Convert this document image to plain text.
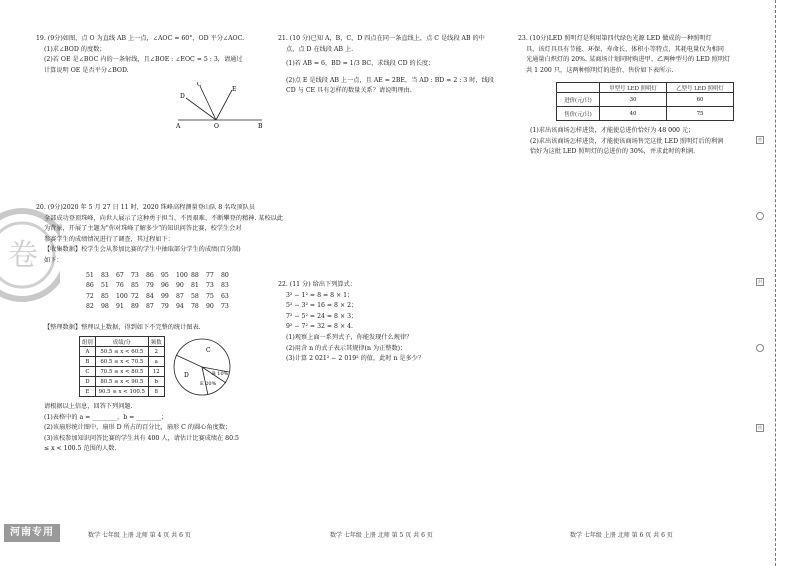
卷

19. (9分)如图，点 O 为直线 AB 上一点，∠AOC = 60°，OD 平分∠AOC.

(1)求∠BOD 的度数；

(2)若 OE 是∠BOC 内的一条射线，且∠BOE : ∠EOC = 5 : 3，请通过

计算说明 OE 是否平分∠BOD.

A	O	B
C
D
E

20. (9分)2020 年 5 月 27 日 11 时，2020 珠峰高程测量登山队 8 名攻顶队员

全部成功登顶珠峰，向世人展示了这种勇于担当、不畏艰难、不断攀登的精神. 某校以此

为背景，开展了主题为"你对珠峰了解多少"的知识问答比赛，校学生会对

参赛学生的成绩情况进行了调查，其过程如下：

【收集数据】校学生会从参加比赛的学生中抽取部分学生的成绩(百分制)

如下：

51 83 67 73 86 95 100 88 77 80
86 51 76 85 79 96 90 81 73 83
72 85 100 72 84 99 87 58 75 63
82 98 91 89 87 79 94 78 90 73

【整理数据】整理以上数据，得到如下不完整的统计图表.

组别	成绩/分	频数
A	50.5 ≤ x < 60.5	2
B	60.5 ≤ x < 70.5	a
C	70.5 ≤ x < 80.5	12
D	80.5 ≤ x < 90.5	b
E	90.5 ≤ x < 100.5	8
C
D	B 10%
E 20%

请根据以上信息，回答下列问题.

(1)表格中的 a = ________，b = ________；

(2)该扇形统计图中，扇形 D 所占的百分比，扇形 C 的圆心角度数；

(3)该校参加知识问答比赛的学生共有 400 人，请估计比赛成绩在 80.5

≤ x < 100.5 范围的人数.

21. (10 分)已知 A，B，C，D 四点在同一条直线上，点 C 是线段 AB 的中

点，点 D 在线段 AB 上.

(1)若 AB = 6，BD = 1/3 BC，求线段 CD 的长度；

(2)点 E 是线段 AB 上一点，且 AE = 2BE，当 AD : BD = 2 : 3 时，线段

CD 与 CE 具有怎样的数量关系？请说明理由.

22. (11 分) 给出下列算式：

3² − 1² = 8 = 8 × 1；

5² − 3² = 16 = 8 × 2；

7² − 5² = 24 = 8 × 3；

9² − 7² = 32 = 8 × 4.

(1)观察上面一系列式子，你能发现什么规律？

(2)用含 n 的式子表示其规律(n 为正整数)；

(3)计算 2 021² − 2 019² 的值，此时 n 是多少？

23. (10分)LED 照明灯是利用第四代绿色光源 LED 做成的一种照明灯

具，该灯具具有节能、环保、寿命长、体积小等特点，其耗电量仅为相同

光通量白炽灯的 20%. 某商场计划同时购进甲、乙两种型号的 LED 照明灯

共 1 200 只，这两种照明灯的进价、售价如下表所示.

	甲型号 LED 照明灯	乙型号 LED 照明灯
进价(元/只)	30	60
售价(元/只)	40	75

(1)求出该商场怎样进货，才能使总进价恰好为 48 000 元；

(2)求出该商场怎样进货，才能使该商场售完这批 LED 照明灯后的利润

恰好为这批 LED 照明灯的总进价的 30%，并求此时的利润.

密
封
线
河南专用	数学 七年级 上册 北师 第 4 页 共 6 页	数学 七年级 上册 北师 第 5 页 共 6 页	数学 七年级 上册 北师 第 6 页 共 6 页
